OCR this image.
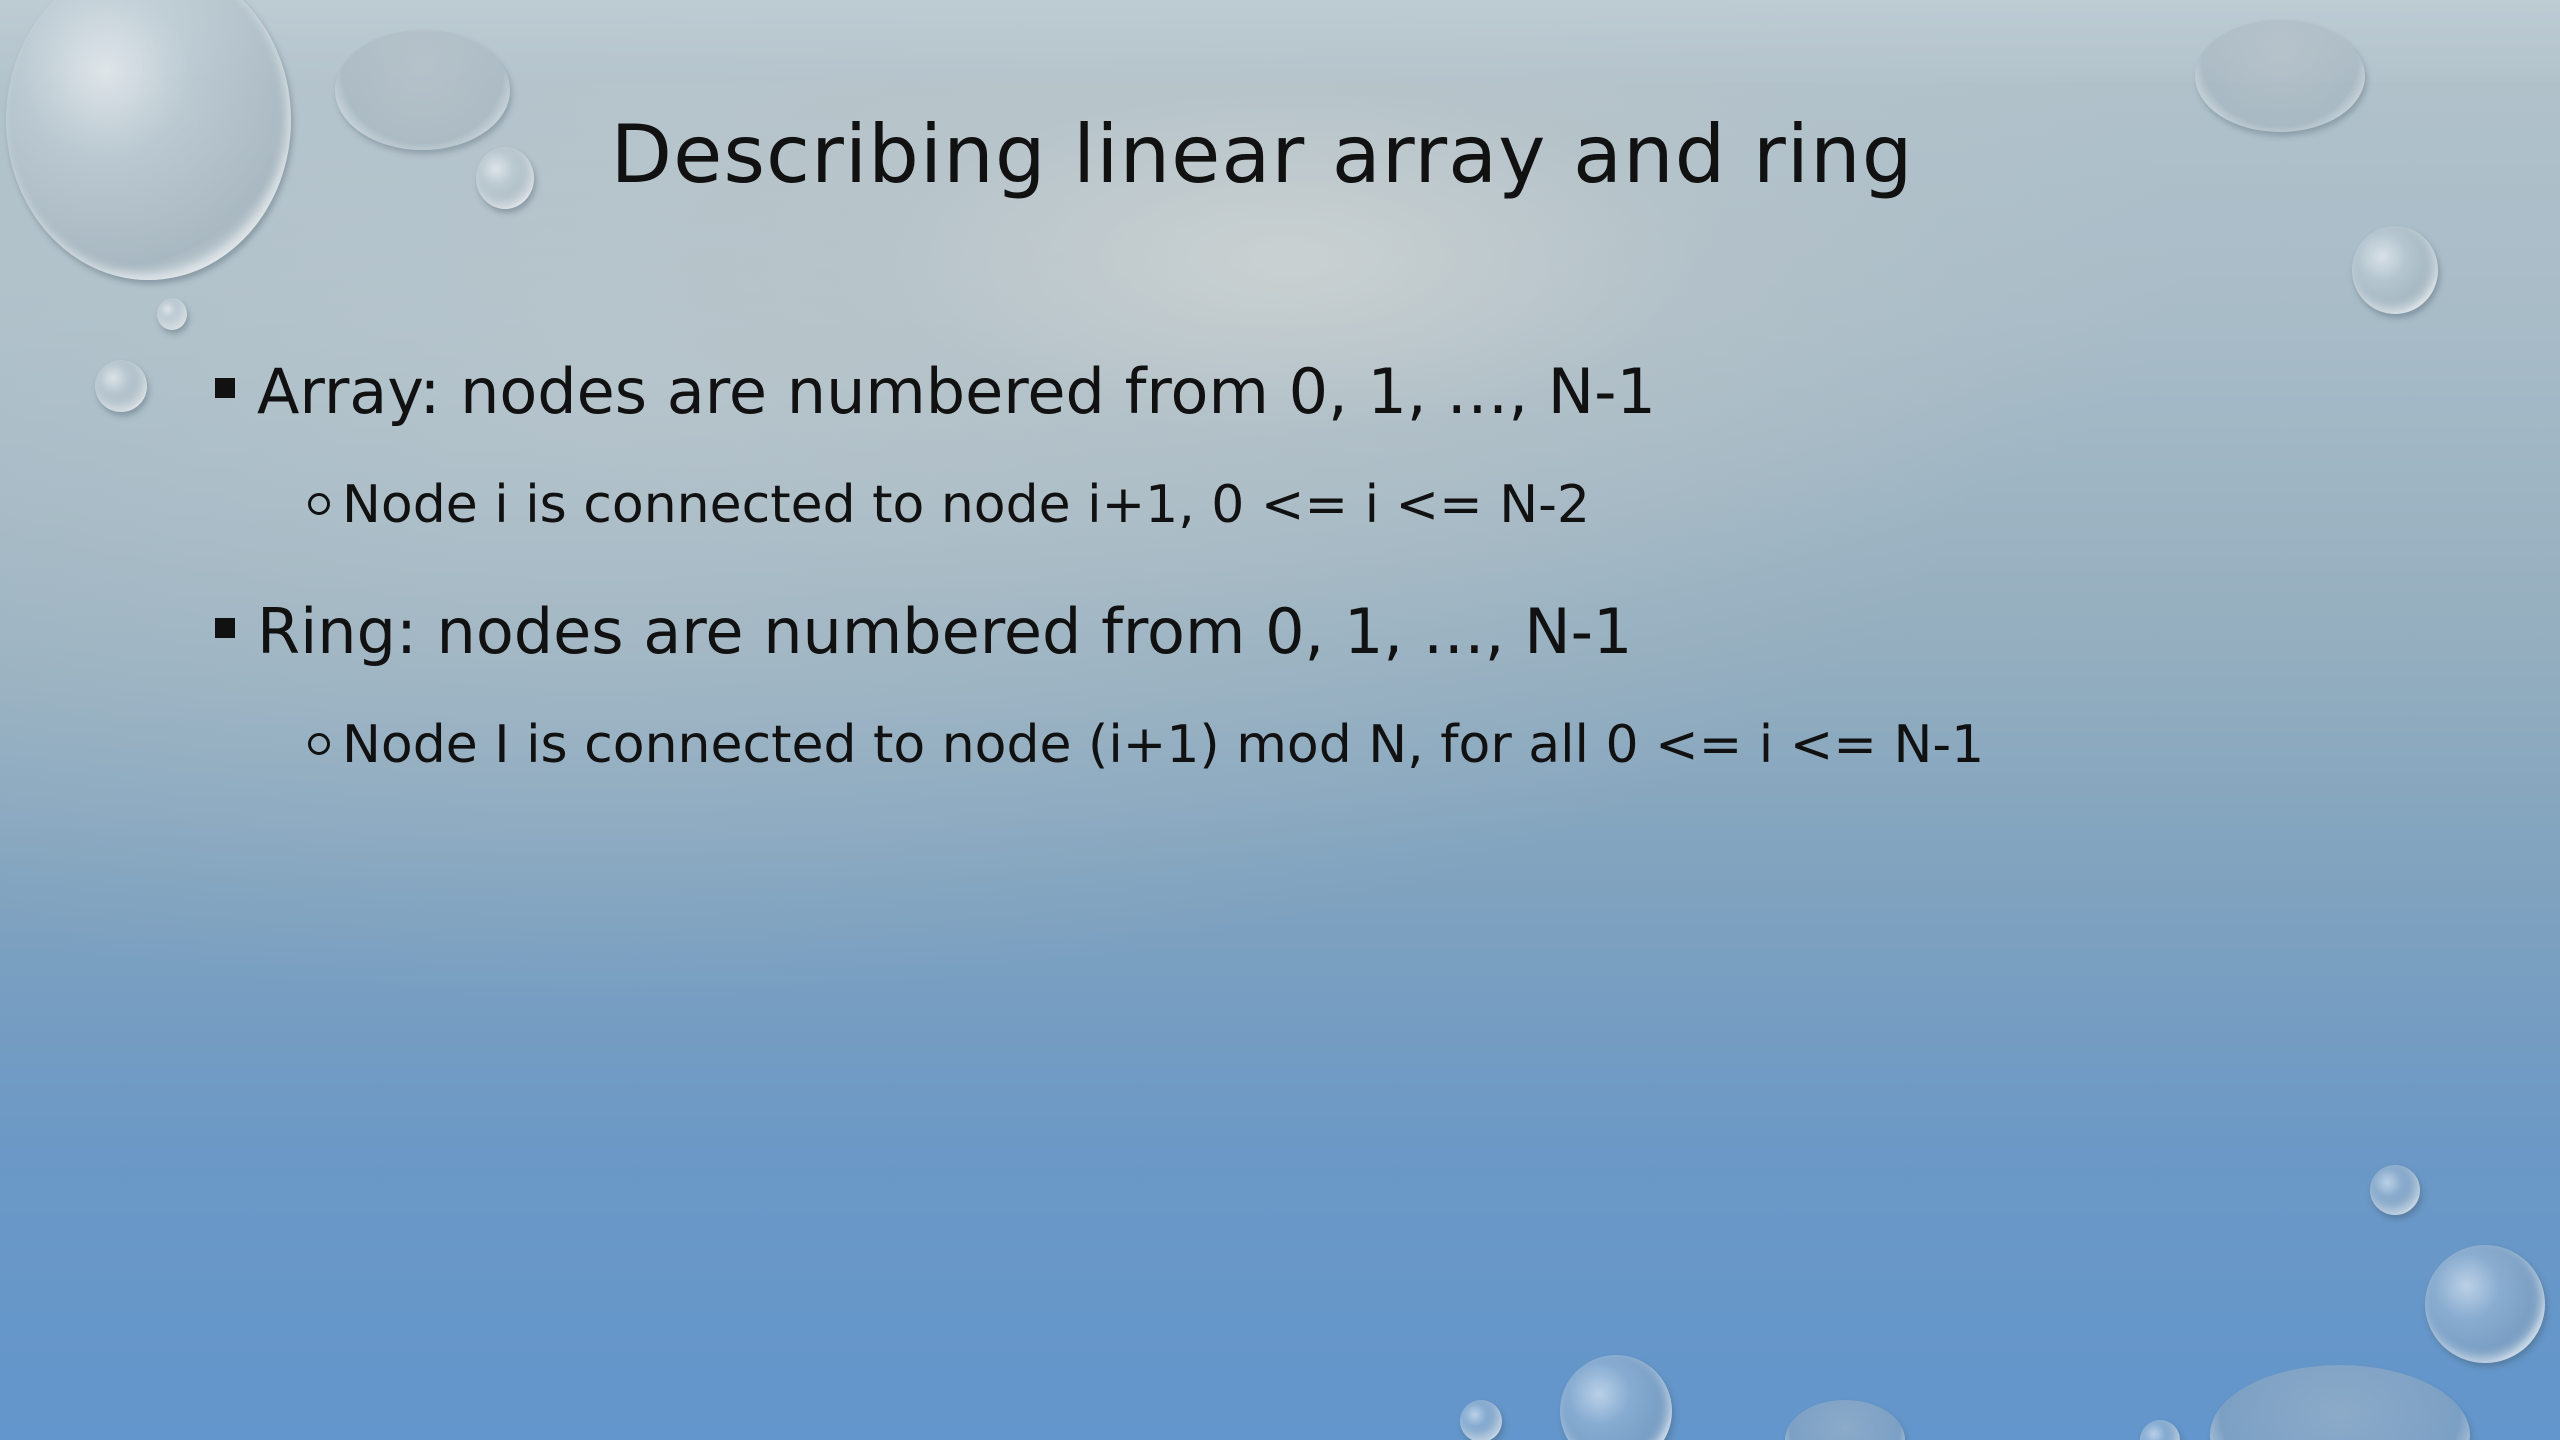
Describing linear array and ring
Array: nodes are numbered from 0, 1, …, N-1
Node i is connected to node i+1, 0 <= i <= N-2
Ring: nodes are numbered from 0, 1, …, N-1
Node I is connected to node (i+1) mod N, for all 0 <= i <= N-1
